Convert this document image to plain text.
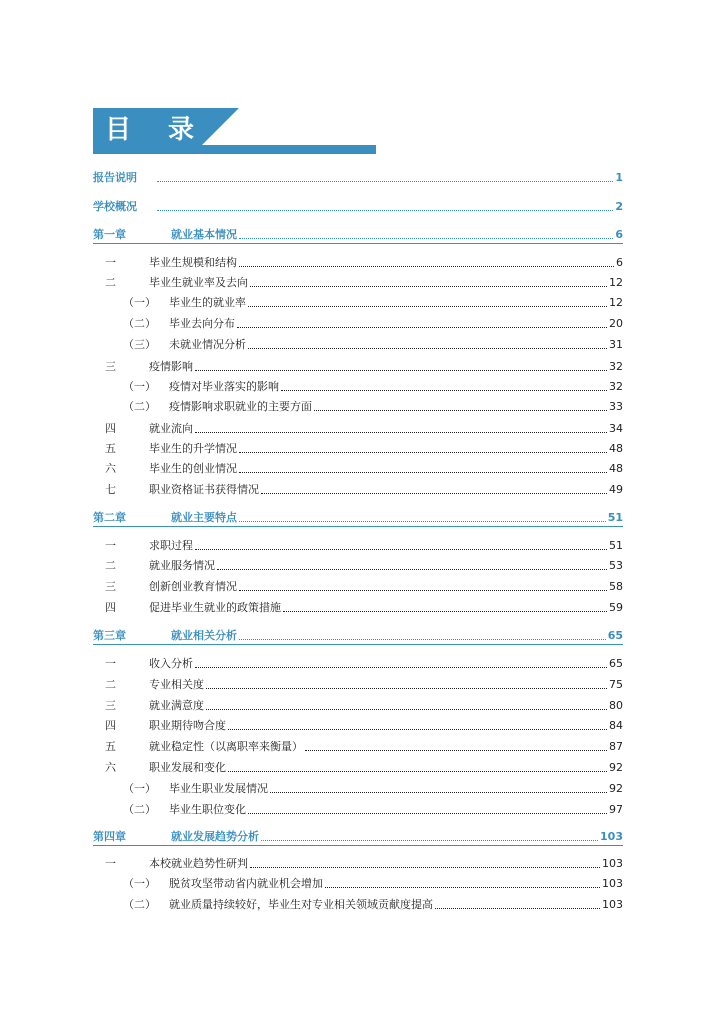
目 录
报告说明	1
学校概况	2
第一章	就业基本情况	6
一	毕业生规模和结构	6
二	毕业生就业率及去向	12
（一）	毕业生的就业率	12
（二）	毕业去向分布	20
（三）	未就业情况分析	31
三	疫情影响	32
（一）	疫情对毕业落实的影响	32
（二）	疫情影响求职就业的主要方面	33
四	就业流向	34
五	毕业生的升学情况	48
六	毕业生的创业情况	48
七	职业资格证书获得情况	49
第二章	就业主要特点	51
一	求职过程	51
二	就业服务情况	53
三	创新创业教育情况	58
四	促进毕业生就业的政策措施	59
第三章	就业相关分析	65
一	收入分析	65
二	专业相关度	75
三	就业满意度	80
四	职业期待吻合度	84
五	就业稳定性（以离职率来衡量）	87
六	职业发展和变化	92
（一）	毕业生职业发展情况	92
（二）	毕业生职位变化	97
第四章	就业发展趋势分析	103
一	本校就业趋势性研判	103
（一）	脱贫攻坚带动省内就业机会增加	103
（二）	就业质量持续较好，毕业生对专业相关领域贡献度提高	103
